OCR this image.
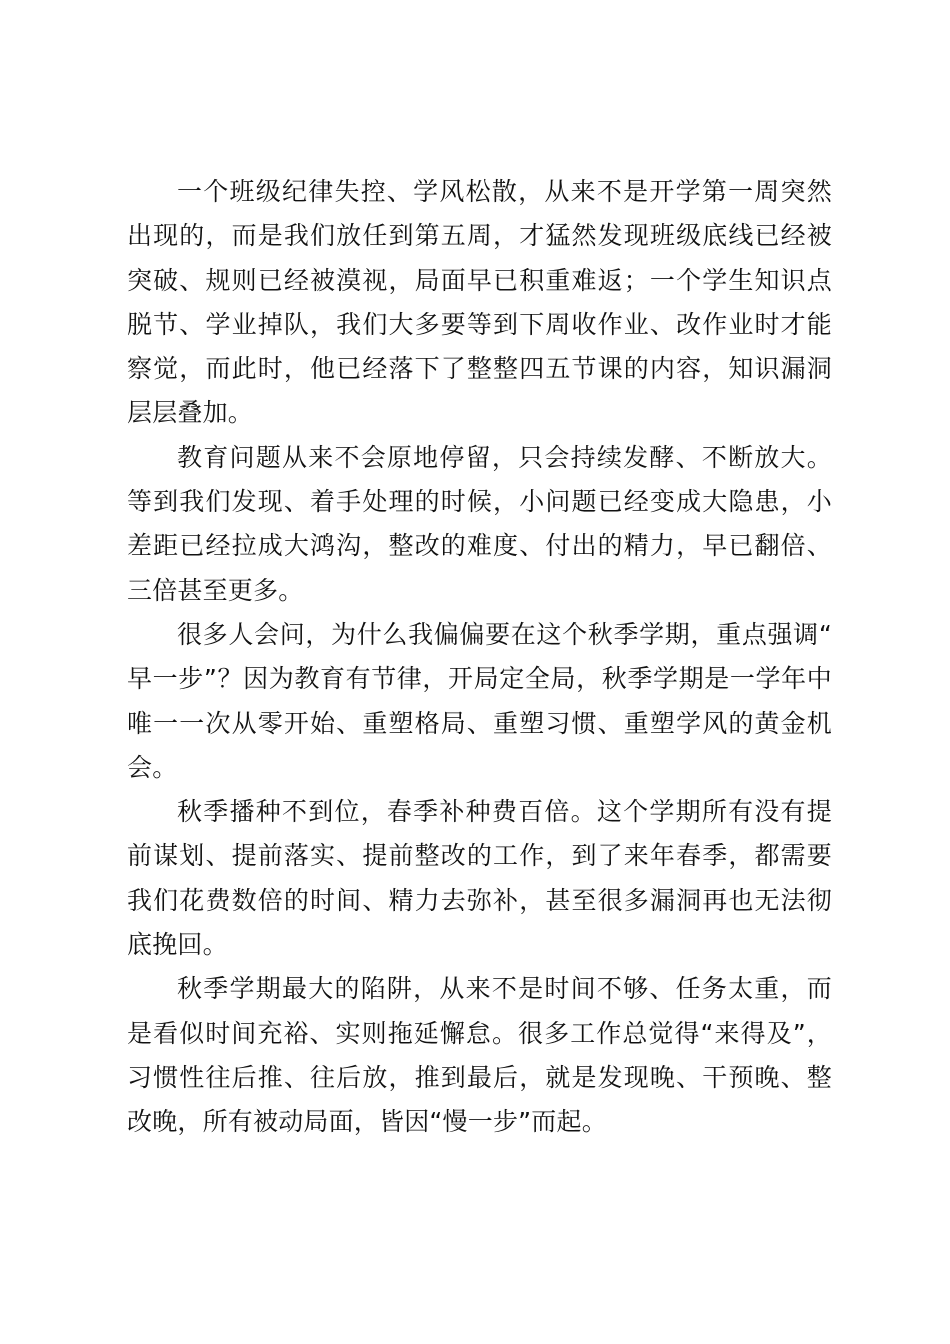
一个班级纪律失控、学风松散，从来不是开学第一周突然出现的，而是我们放任到第五周，才猛然发现班级底线已经被突破、规则已经被漠视，局面早已积重难返；一个学生知识点脱节、学业掉队，我们大多要等到下周收作业、改作业时才能察觉，而此时，他已经落下了整整四五节课的内容，知识漏洞层层叠加。

教育问题从来不会原地停留，只会持续发酵、不断放大。等到我们发现、着手处理的时候，小问题已经变成大隐患，小差距已经拉成大鸿沟，整改的难度、付出的精力，早已翻倍、三倍甚至更多。

很多人会问，为什么我偏偏要在这个秋季学期，重点强调“早一步”？因为教育有节律，开局定全局，秋季学期是一学年中唯一一次从零开始、重塑格局、重塑习惯、重塑学风的黄金机会。

秋季播种不到位，春季补种费百倍。这个学期所有没有提前谋划、提前落实、提前整改的工作，到了来年春季，都需要我们花费数倍的时间、精力去弥补，甚至很多漏洞再也无法彻底挽回。

秋季学期最大的陷阱，从来不是时间不够、任务太重，而是看似时间充裕、实则拖延懈怠。很多工作总觉得“来得及”，习惯性往后推、往后放，推到最后，就是发现晚、干预晚、整改晚，所有被动局面，皆因“慢一步”而起。
